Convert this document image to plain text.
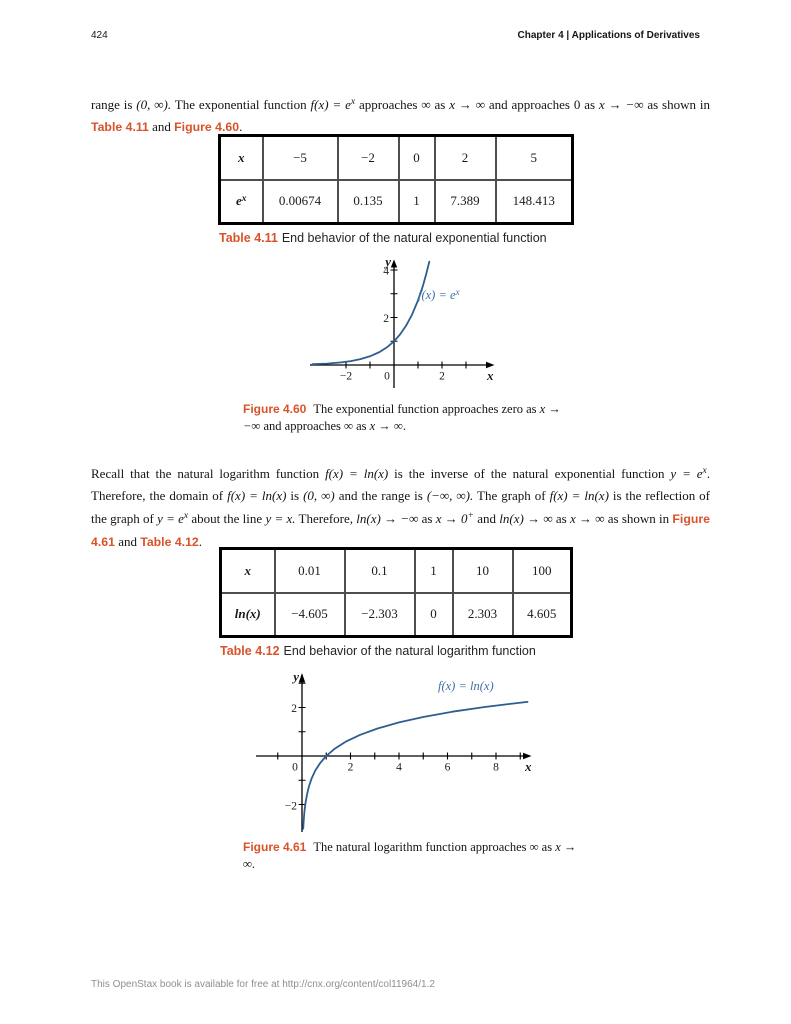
424	Chapter 4 | Applications of Derivatives

range is (0, ∞). The exponential function $f(x) = e^x$ approaches ∞ as x → ∞ and approaches 0 as x → −∞ as shown in Table 4.11 and Figure 4.60.

x	−5	−2	0	2	5
$e^x$	0.00674	0.135	1	7.389	148.413
Table 4.11 End behavior of the natural exponential function
−2	0	2
2
4
x
y
$f(x) = e^x$
Figure 4.60 The exponential function approaches zero as x → −∞ and approaches ∞ as x → ∞.

Recall that the natural logarithm function f(x) = ln(x) is the inverse of the natural exponential function $y = e^x$. Therefore, the domain of f(x) = ln(x) is (0, ∞) and the range is (−∞, ∞). The graph of f(x) = ln(x) is the reflection of the graph of $y = e^x$ about the line y = x. Therefore, ln(x) → −∞ as x → 0+ and ln(x) → ∞ as x → ∞ as shown in Figure 4.61 and Table 4.12.

x	0.01	0.1	1	10	100
ln(x)	−4.605	−2.303	0	2.303	4.605
Table 4.12 End behavior of the natural logarithm function
0	2	4	6	8
2
−2
x
y
f(x) = ln(x)
Figure 4.61 The natural logarithm function approaches ∞ as x → ∞.
This OpenStax book is available for free at http://cnx.org/content/col11964/1.2
